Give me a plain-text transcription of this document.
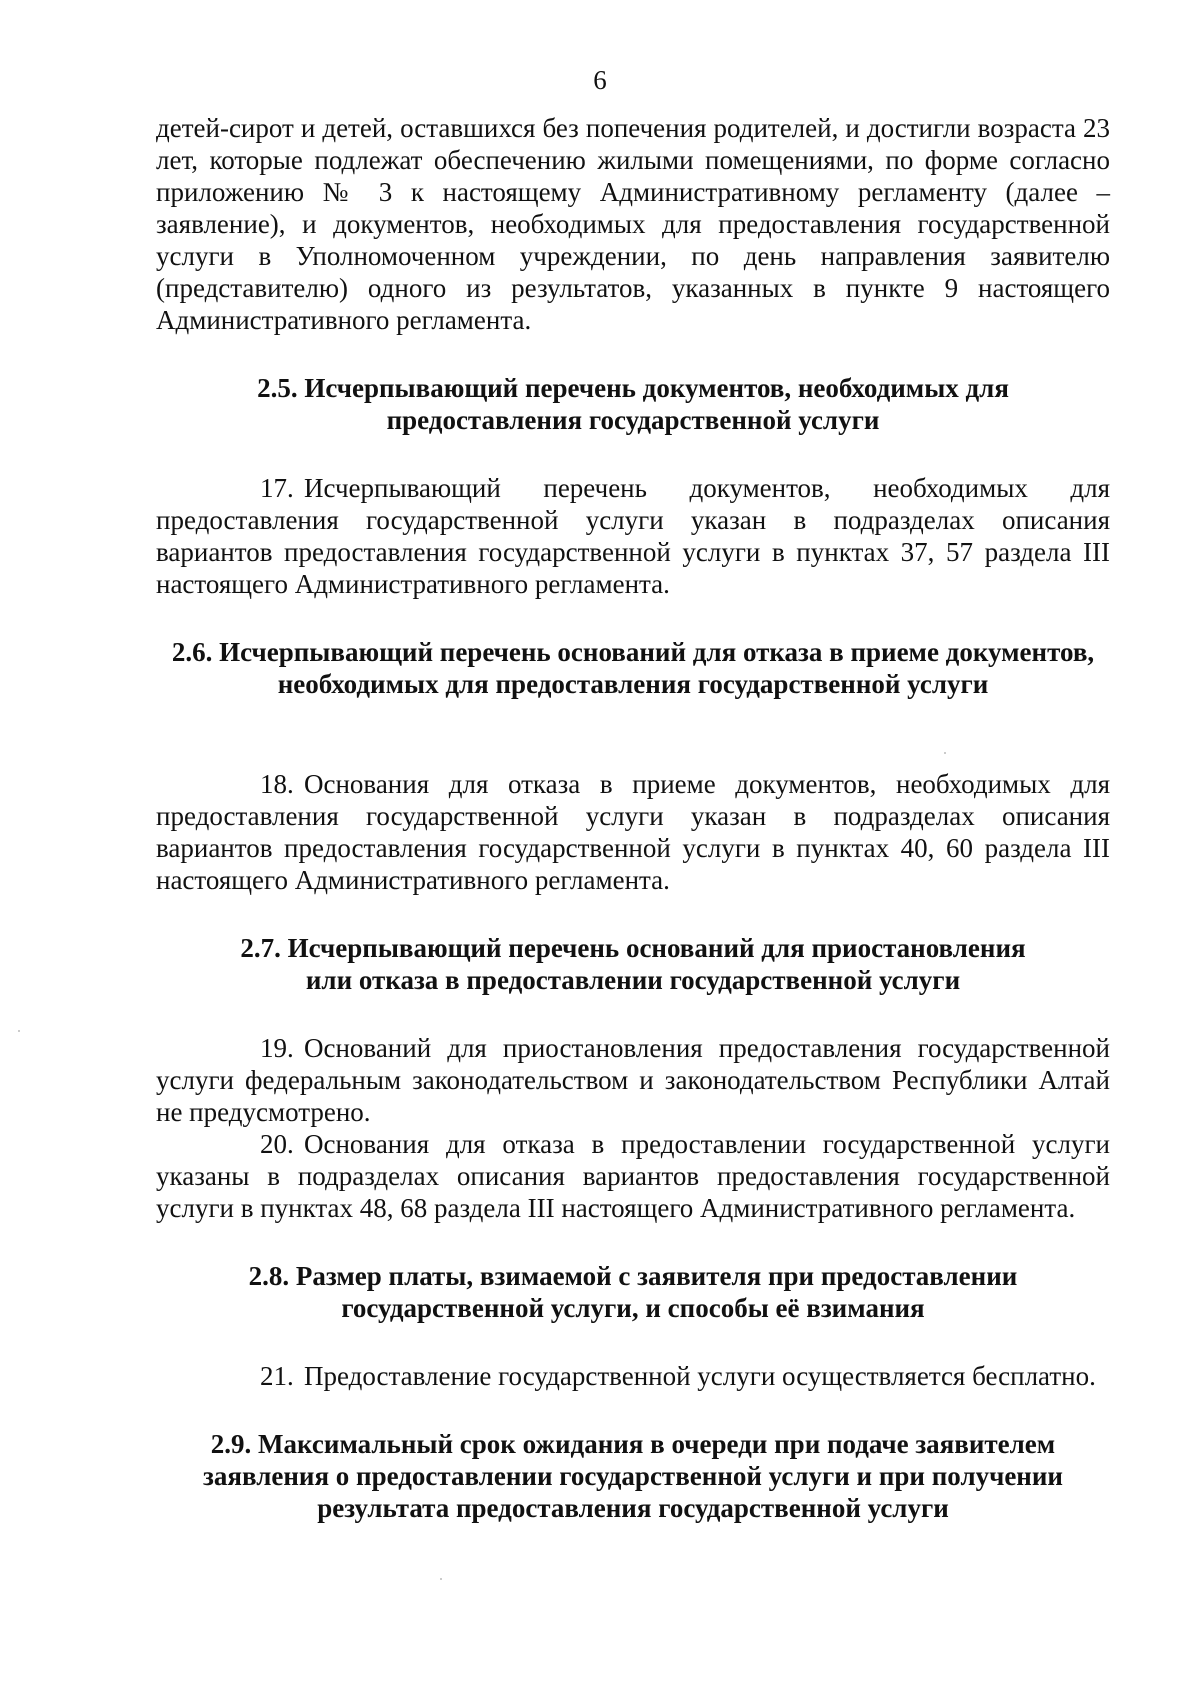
6

детей-сирот и детей, оставшихся без попечения родителей, и достигли возраста 23 лет, которые подлежат обеспечению жилыми помещениями, по форме согласно приложению № 3 к настоящему Административному регламенту (далее – заявление), и документов, необходимых для предоставления государственной услуги в Уполномоченном учреждении, по день направления заявителю (представителю) одного из результатов, указанных в пункте 9 настоящего Административного регламента.

2.5. Исчерпывающий перечень документов, необходимых для предоставления государственной услуги

17. Исчерпывающий перечень документов, необходимых для предоставления государственной услуги указан в подразделах описания вариантов предоставления государственной услуги в пунктах 37, 57 раздела III настоящего Административного регламента.

2.6. Исчерпывающий перечень оснований для отказа в приеме документов, необходимых для предоставления государственной услуги

18. Основания для отказа в приеме документов, необходимых для предоставления государственной услуги указан в подразделах описания вариантов предоставления государственной услуги в пунктах 40, 60 раздела III настоящего Административного регламента.

2.7. Исчерпывающий перечень оснований для приостановления или отказа в предоставлении государственной услуги

19. Оснований для приостановления предоставления государственной услуги федеральным законодательством и законодательством Республики Алтай не предусмотрено.

20. Основания для отказа в предоставлении государственной услуги указаны в подразделах описания вариантов предоставления государственной услуги в пунктах 48, 68 раздела III настоящего Административного регламента.

2.8. Размер платы, взимаемой с заявителя при предоставлении государственной услуги, и способы её взимания

21. Предоставление государственной услуги осуществляется бесплатно.

2.9. Максимальный срок ожидания в очереди при подаче заявителем заявления о предоставлении государственной услуги и при получении результата предоставления государственной услуги
